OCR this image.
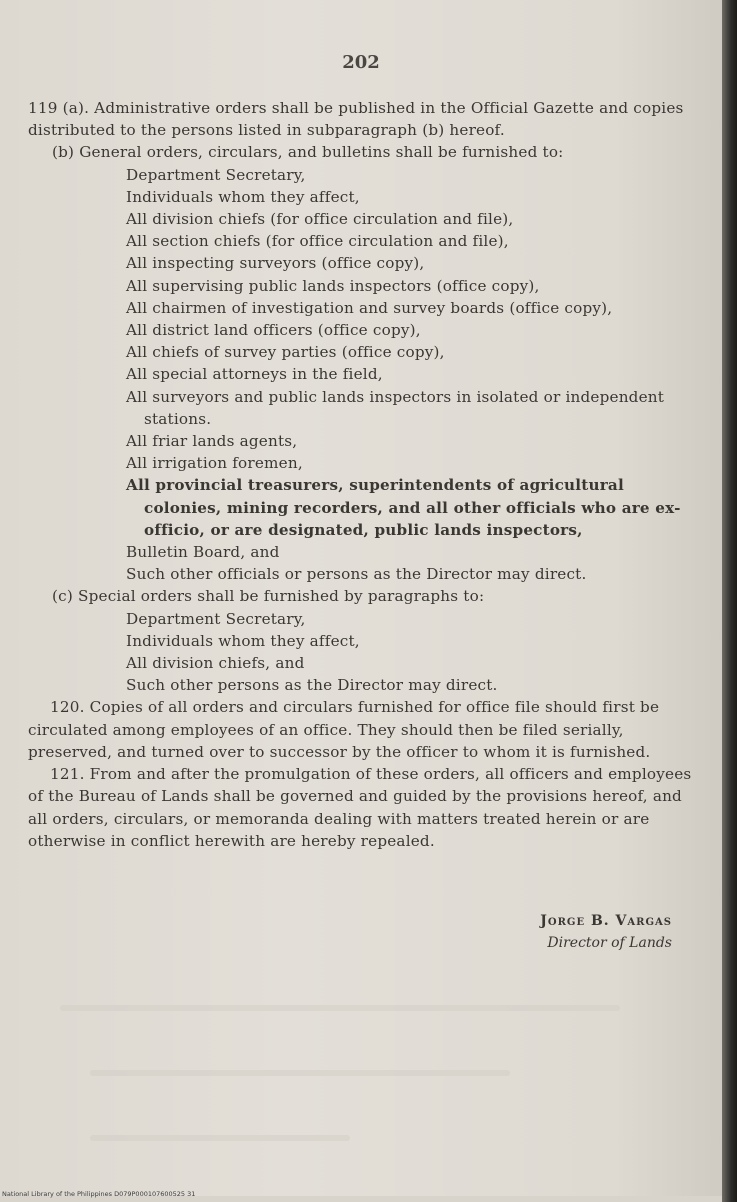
202

119 (a). Administrative orders shall be published in the Official Gazette and copies distributed to the persons listed in subparagraph (b) hereof.

(b) General orders, circulars, and bulletins shall be furnished to:

Department Secretary,

Individuals whom they affect,

All division chiefs (for office circulation and file),

All section chiefs (for office circulation and file),

All inspecting surveyors (office copy),

All supervising public lands inspectors (office copy),

All chairmen of investigation and survey boards (office copy),

All district land officers (office copy),

All chiefs of survey parties (office copy),

All special attorneys in the field,

All surveyors and public lands inspectors in isolated or independent stations.

All friar lands agents,

All irrigation foremen,

All provincial treasurers, superintendents of agricultural colonies, mining recorders, and all other officials who are ex-officio, or are designated, public lands inspectors,

Bulletin Board, and

Such other officials or persons as the Director may direct.

(c) Special orders shall be furnished by paragraphs to:

Department Secretary,

Individuals whom they affect,

All division chiefs, and

Such other persons as the Director may direct.

120. Copies of all orders and circulars furnished for office file should first be circulated among employees of an office. They should then be filed serially, preserved, and turned over to successor by the officer to whom it is furnished.

121. From and after the promulgation of these orders, all officers and employees of the Bureau of Lands shall be governed and guided by the provisions hereof, and all orders, circulars, or memoranda dealing with matters treated herein or are otherwise in conflict herewith are hereby repealed.

Jorge B. Vargas
Director of Lands
National Library of the Philippines D079P000107600525 31
